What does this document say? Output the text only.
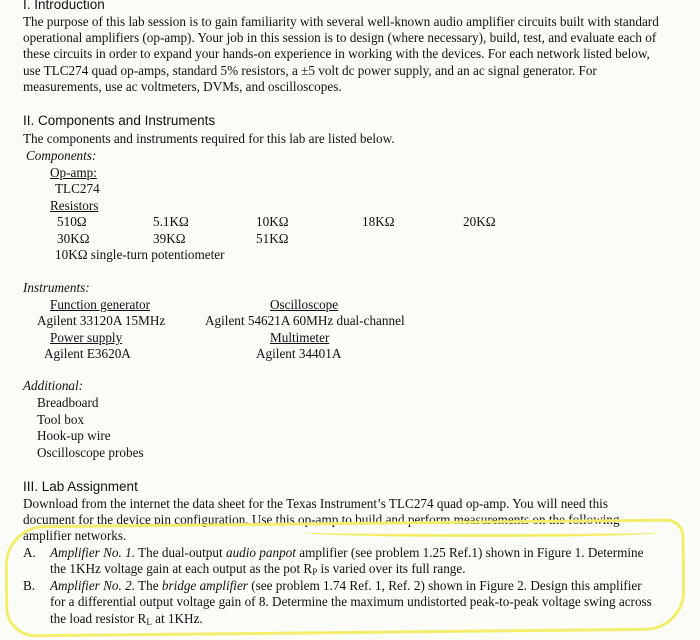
I. Introduction
The purpose of this lab session is to gain familiarity with several well-known audio amplifier circuits built with standard
operational amplifiers (op-amp). Your job in this session is to design (where necessary), build, test, and evaluate each of
these circuits in order to expand your hands-on experience in working with the devices. For each network listed below,
use TLC274 quad op-amps, standard 5% resistors, a ±5 volt dc power supply, and an ac signal generator. For
measurements, use ac voltmeters, DVMs, and oscilloscopes.
II. Components and Instruments
The components and instruments required for this lab are listed below.
Components:
Op-amp:
TLC274
Resistors
510Ω	5.1KΩ	10KΩ	18KΩ	20KΩ
30KΩ	39KΩ	51KΩ
10KΩ single-turn potentiometer
Instruments:
Function generator
Agilent 33120A 15MHz
Power supply
Agilent E3620A
Oscilloscope
Agilent 54621A 60MHz dual-channel
Multimeter
Agilent 34401A
Additional:
Breadboard
Tool box
Hook-up wire
Oscilloscope probes
III. Lab Assignment
Download from the internet the data sheet for the Texas Instrument’s TLC274 quad op-amp. You will need this
document for the device pin configuration. Use this op-amp to build and perform measurements on the following
amplifier networks.
A. Amplifier No. 1. The dual-output audio panpot amplifier (see problem 1.25 Ref.1) shown in Figure 1. Determine
the 1KHz voltage gain at each output as the pot $R_P$ is varied over its full range.
B. Amplifier No. 2. The bridge amplifier (see problem 1.74 Ref. 1, Ref. 2) shown in Figure 2. Design this amplifier
for a differential output voltage gain of 8. Determine the maximum undistorted peak-to-peak voltage swing across
the load resistor $R_L$ at 1KHz.
